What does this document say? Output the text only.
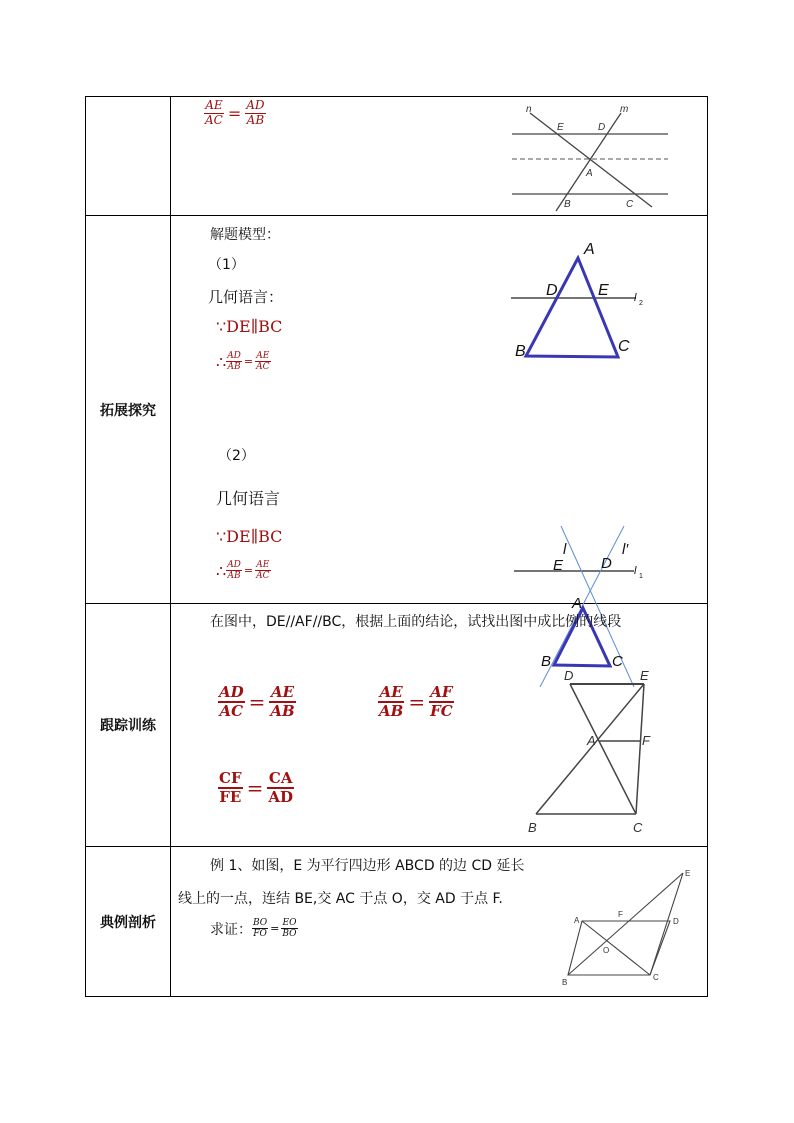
$\frac{AE}{AC} = \frac{AD}{AB}$	n	m
E	D
A
B	C
拓展探究
解题模型：
（1）
几何语言：
∵DE∥BC
∴ $\frac{AD}{AB} = \frac{AE}{AC}$
（2）
几何语言
∵DE∥BC
∴ $\frac{AD}{AB} = \frac{AE}{AC}$
A
D	E
B	C
l 2
l	l′
E	D l 1
A
B	C
跟踪训练
在图中，DE//AF//BC，根据上面的结论，试找出图中成比例的线段
$\frac{AD}{AC} = \frac{AE}{AB}$	$\frac{AE}{AB} = \frac{AF}{FC}$
$\frac{CF}{FE} = \frac{CA}{AD}$
D	E
A	F
B	C
典例剖析
例 1、如图，E 为平行四边形 ABCD 的边 CD 延长
线上的一点，连结 BE,交 AC 于点 O，交 AD 于点 F.
求证： $\frac{BO}{FO} = \frac{EO}{BO}$
E
A
F
D
O
B
C
